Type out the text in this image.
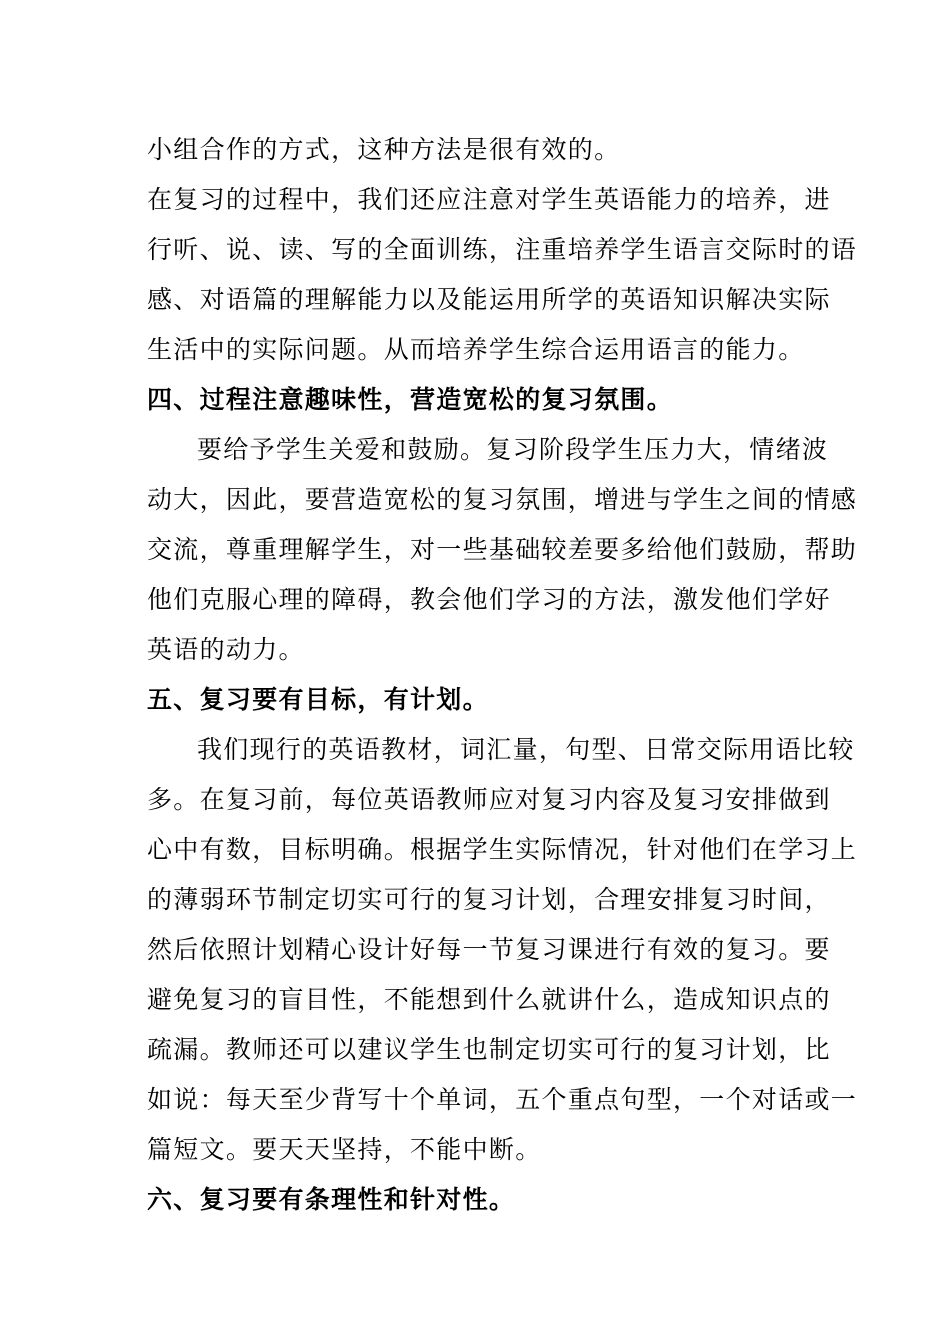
小组合作的方式，这种方法是很有效的。
在复习的过程中，我们还应注意对学生英语能力的培养，进
行听、说、读、写的全面训练，注重培养学生语言交际时的语
感、对语篇的理解能力以及能运用所学的英语知识解决实际
生活中的实际问题。从而培养学生综合运用语言的能力。
四、过程注意趣味性，营造宽松的复习氛围。
要给予学生关爱和鼓励。复习阶段学生压力大，情绪波
动大，因此，要营造宽松的复习氛围，增进与学生之间的情感
交流，尊重理解学生，对一些基础较差要多给他们鼓励，帮助
他们克服心理的障碍，教会他们学习的方法，激发他们学好
英语的动力。
五、复习要有目标，有计划。
我们现行的英语教材，词汇量，句型、日常交际用语比较
多。在复习前，每位英语教师应对复习内容及复习安排做到
心中有数，目标明确。根据学生实际情况，针对他们在学习上
的薄弱环节制定切实可行的复习计划，合理安排复习时间，
然后依照计划精心设计好每一节复习课进行有效的复习。要
避免复习的盲目性，不能想到什么就讲什么，造成知识点的
疏漏。教师还可以建议学生也制定切实可行的复习计划，比
如说：每天至少背写十个单词，五个重点句型，一个对话或一
篇短文。要天天坚持，不能中断。
六、复习要有条理性和针对性。
